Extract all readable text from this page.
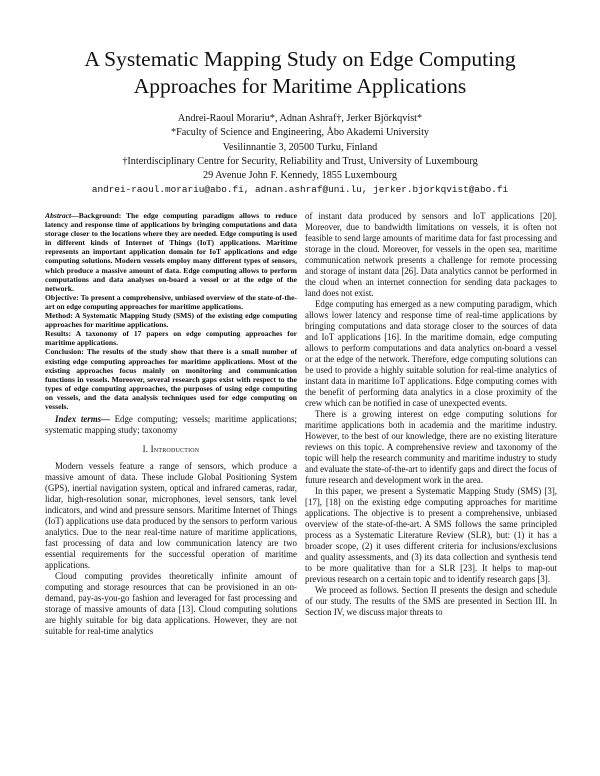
A Systematic Mapping Study on Edge Computing
Approaches for Maritime Applications
Andrei-Raoul Morariu*, Adnan Ashraf†, Jerker Björkqvist*
*Faculty of Science and Engineering, Åbo Akademi University
Vesilinnantie 3, 20500 Turku, Finland
†Interdisciplinary Centre for Security, Reliability and Trust, University of Luxembourg
29 Avenue John F. Kennedy, 1855 Luxembourg
andrei-raoul.morariu@abo.fi, adnan.ashraf@uni.lu, jerker.bjorkqvist@abo.fi

Abstract—Background: The edge computing paradigm allows to reduce latency and response time of applications by bringing computations and data storage closer to the locations where they are needed. Edge computing is used in different kinds of Internet of Things (IoT) applications. Maritime represents an important application domain for IoT applications and edge computing solutions. Modern vessels employ many different types of sensors, which produce a massive amount of data. Edge computing allows to perform computations and data analyses on-board a vessel or at the edge of the network.
Objective: To present a comprehensive, unbiased overview of the state-of-the-art on edge computing approaches for maritime applications.
Method: A Systematic Mapping Study (SMS) of the existing edge computing approaches for maritime applications.
Results: A taxonomy of 17 papers on edge computing approaches for maritime applications.
Conclusion: The results of the study show that there is a small number of existing edge computing approaches for maritime applications. Most of the existing approaches focus mainly on monitoring and communication functions in vessels. Moreover, several research gaps exist with respect to the types of edge computing approaches, the purposes of using edge computing on vessels, and the data analysis techniques used for edge computing on vessels.

Index terms— Edge computing; vessels; maritime applications; systematic mapping study; taxonomy

I. Introduction

Modern vessels feature a range of sensors, which produce a massive amount of data. These include Global Positioning System (GPS), inertial navigation system, optical and infrared cameras, radar, lidar, high-resolution sonar, microphones, level sensors, tank level indicators, and wind and pressure sensors. Maritime Internet of Things (IoT) applications use data produced by the sensors to perform various analytics. Due to the near real-time nature of maritime applications, fast processing of data and low communication latency are two essential requirements for the successful operation of maritime applications.

Cloud computing provides theoretically infinite amount of computing and storage resources that can be provisioned in an on-demand, pay-as-you-go fashion and leveraged for fast processing and storage of massive amounts of data [13]. Cloud computing solutions are highly suitable for big data applications. However, they are not suitable for real-time analytics

of instant data produced by sensors and IoT applications [20]. Moreover, due to bandwidth limitations on vessels, it is often not feasible to send large amounts of maritime data for fast processing and storage in the cloud. Moreover, for vessels in the open sea, maritime communication network presents a challenge for remote processing and storage of instant data [26]. Data analytics cannot be performed in the cloud when an internet connection for sending data packages to land does not exist.

Edge computing has emerged as a new computing paradigm, which allows lower latency and response time of real-time applications by bringing computations and data storage closer to the sources of data and IoT applications [16]. In the maritime domain, edge computing allows to perform computations and data analytics on-board a vessel or at the edge of the network. Therefore, edge computing solutions can be used to provide a highly suitable solution for real-time analytics of instant data in maritime IoT applications. Edge computing comes with the benefit of performing data analytics in a close proximity of the crew which can be notified in case of unexpected events.

There is a growing interest on edge computing solutions for maritime applications both in academia and the maritime industry. However, to the best of our knowledge, there are no existing literature reviews on this topic. A comprehensive review and taxonomy of the topic will help the research community and maritime industry to study and evaluate the state-of-the-art to identify gaps and direct the focus of future research and development work in the area.

In this paper, we present a Systematic Mapping Study (SMS) [3], [17], [18] on the existing edge computing approaches for maritime applications. The objective is to present a comprehensive, unbiased overview of the state-of-the-art. A SMS follows the same principled process as a Systematic Literature Review (SLR), but: (1) it has a broader scope, (2) it uses different criteria for inclusions/exclusions and quality assessments, and (3) its data collection and synthesis tend to be more qualitative than for a SLR [23]. It helps to map-out previous research on a certain topic and to identify research gaps [3].

We proceed as follows. Section II presents the design and schedule of our study. The results of the SMS are presented in Section III. In Section IV, we discuss major threats to
